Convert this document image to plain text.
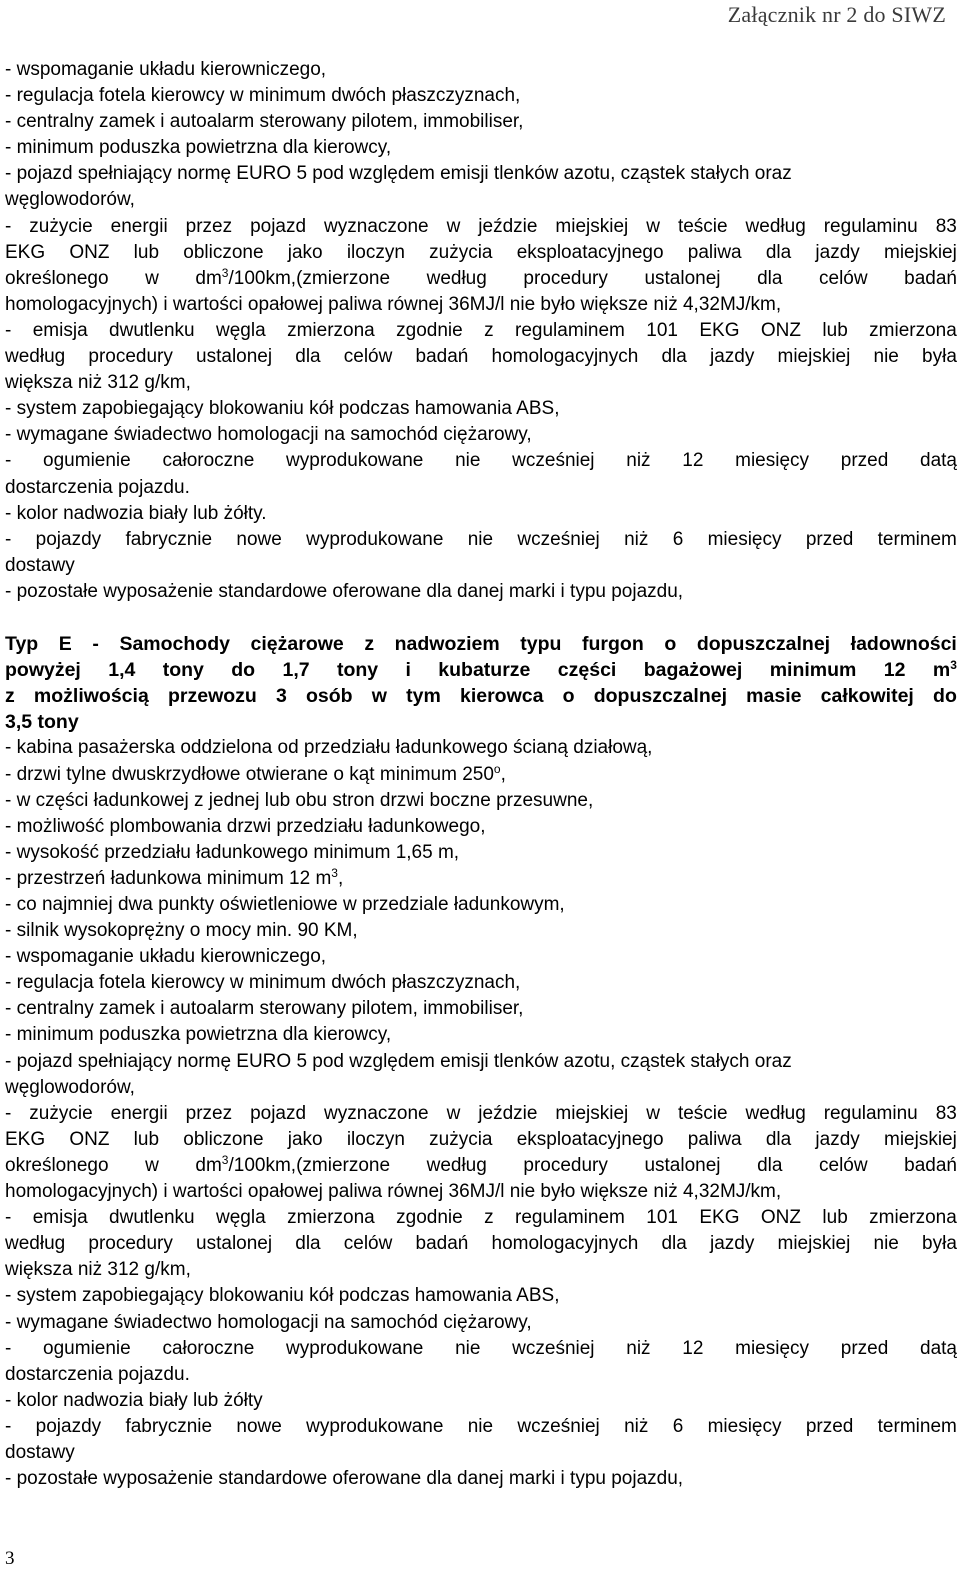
Załącznik nr 2 do SIWZ
- wspomaganie układu kierowniczego,
- regulacja fotela kierowcy w minimum dwóch płaszczyznach,
- centralny zamek i autoalarm sterowany pilotem, immobiliser,
- minimum poduszka powietrzna dla kierowcy,
- pojazd spełniający normę EURO 5 pod względem emisji tlenków azotu, cząstek stałych oraz
węglowodorów,
- zużycie energii przez pojazd wyznaczone w jeździe miejskiej w teście według regulaminu 83
EKG ONZ lub obliczone jako iloczyn zużycia eksploatacyjnego paliwa dla jazdy miejskiej
określonego w $dm^3/100km,(zmierzone$ według procedury ustalonej dla celów badań
homologacyjnych) i wartości opałowej paliwa równej 36MJ/l nie było większe niż 4,32MJ/km,
- emisja dwutlenku węgla zmierzona zgodnie z regulaminem 101 EKG ONZ lub zmierzona
według procedury ustalonej dla celów badań homologacyjnych dla jazdy miejskiej nie była
większa niż 312 g/km,
- system zapobiegający blokowaniu kół podczas hamowania ABS,
- wymagane świadectwo homologacji na samochód ciężarowy,
- ogumienie całoroczne wyprodukowane nie wcześniej niż 12 miesięcy przed datą
dostarczenia pojazdu.
- kolor nadwozia biały lub żółty.
- pojazdy fabrycznie nowe wyprodukowane nie wcześniej niż 6 miesięcy przed terminem
dostawy
- pozostałe wyposażenie standardowe oferowane dla danej marki i typu pojazdu,
Typ E - Samochody ciężarowe z nadwoziem typu furgon o dopuszczalnej ładowności
powyżej 1,4 tony do 1,7 tony i kubaturze części bagażowej minimum 12 $m^3$
z możliwością przewozu 3 osób w tym kierowca o dopuszczalnej masie całkowitej do
3,5 tony
- kabina pasażerska oddzielona od przedziału ładunkowego ścianą działową,
- drzwi tylne dwuskrzydłowe otwierane o kąt minimum 250$^o$,
- w części ładunkowej z jednej lub obu stron drzwi boczne przesuwne,
- możliwość plombowania drzwi przedziału ładunkowego,
- wysokość przedziału ładunkowego minimum 1,65 m,
- przestrzeń ładunkowa minimum 12 $m^3$,
- co najmniej dwa punkty oświetleniowe w przedziale ładunkowym,
- silnik wysokoprężny o mocy min. 90 KM,
- wspomaganie układu kierowniczego,
- regulacja fotela kierowcy w minimum dwóch płaszczyznach,
- centralny zamek i autoalarm sterowany pilotem, immobiliser,
- minimum poduszka powietrzna dla kierowcy,
- pojazd spełniający normę EURO 5 pod względem emisji tlenków azotu, cząstek stałych oraz
węglowodorów,
- zużycie energii przez pojazd wyznaczone w jeździe miejskiej w teście według regulaminu 83
EKG ONZ lub obliczone jako iloczyn zużycia eksploatacyjnego paliwa dla jazdy miejskiej
określonego w $dm^3/100km,(zmierzone$ według procedury ustalonej dla celów badań
homologacyjnych) i wartości opałowej paliwa równej 36MJ/l nie było większe niż 4,32MJ/km,
- emisja dwutlenku węgla zmierzona zgodnie z regulaminem 101 EKG ONZ lub zmierzona
według procedury ustalonej dla celów badań homologacyjnych dla jazdy miejskiej nie była
większa niż 312 g/km,
- system zapobiegający blokowaniu kół podczas hamowania ABS,
- wymagane świadectwo homologacji na samochód ciężarowy,
- ogumienie całoroczne wyprodukowane nie wcześniej niż 12 miesięcy przed datą
dostarczenia pojazdu.
- kolor nadwozia biały lub żółty
- pojazdy fabrycznie nowe wyprodukowane nie wcześniej niż 6 miesięcy przed terminem
dostawy
- pozostałe wyposażenie standardowe oferowane dla danej marki i typu pojazdu,
3
